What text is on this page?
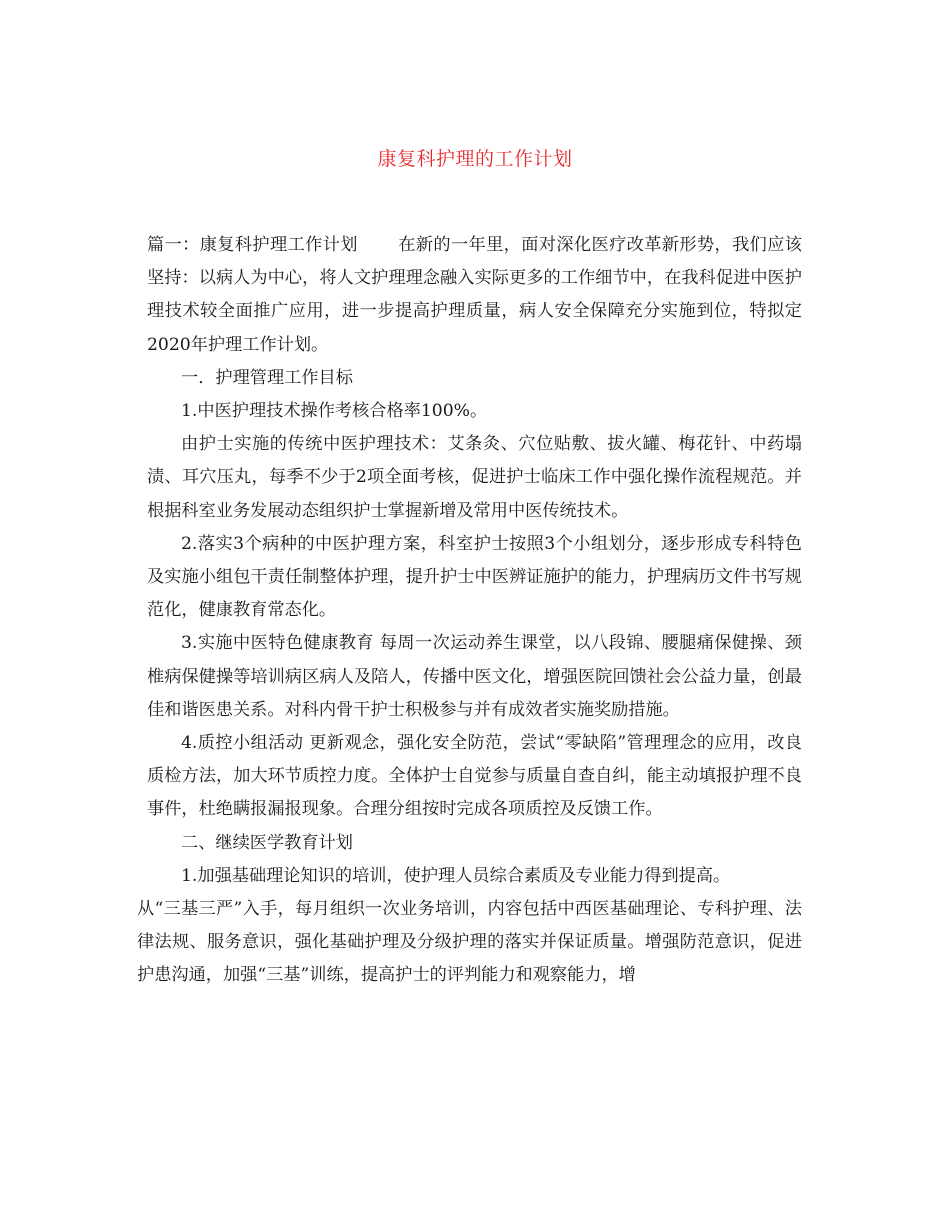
康复科护理的工作计划

篇一：康复科护理工作计划 在新的一年里，面对深化医疗改革新形势，我们应该坚持：以病人为中心，将人文护理理念融入实际更多的工作细节中，在我科促进中医护理技术较全面推广应用，进一步提高护理质量，病人安全保障充分实施到位，特拟定2020年护理工作计划。

一．护理管理工作目标

1.中医护理技术操作考核合格率100%。

由护士实施的传统中医护理技术：艾条灸、穴位贴敷、拔火罐、梅花针、中药塌渍、耳穴压丸，每季不少于2项全面考核，促进护士临床工作中强化操作流程规范。并根据科室业务发展动态组织护士掌握新增及常用中医传统技术。

2.落实3个病种的中医护理方案，科室护士按照3个小组划分，逐步形成专科特色及实施小组包干责任制整体护理，提升护士中医辨证施护的能力，护理病历文件书写规范化，健康教育常态化。

3.实施中医特色健康教育 每周一次运动养生课堂，以八段锦、腰腿痛保健操、颈椎病保健操等培训病区病人及陪人，传播中医文化，增强医院回馈社会公益力量，创最佳和谐医患关系。对科内骨干护士积极参与并有成效者实施奖励措施。

4.质控小组活动 更新观念，强化安全防范，尝试“零缺陷”管理理念的应用，改良质检方法，加大环节质控力度。全体护士自觉参与质量自查自纠，能主动填报护理不良事件，杜绝瞒报漏报现象。合理分组按时完成各项质控及反馈工作。

二、继续医学教育计划

1.加强基础理论知识的培训，使护理人员综合素质及专业能力得到提高。

从“三基三严”入手，每月组织一次业务培训，内容包括中西医基础理论、专科护理、法律法规、服务意识，强化基础护理及分级护理的落实并保证质量。增强防范意识，促进护患沟通，加强“三基”训练，提高护士的评判能力和观察能力，增
